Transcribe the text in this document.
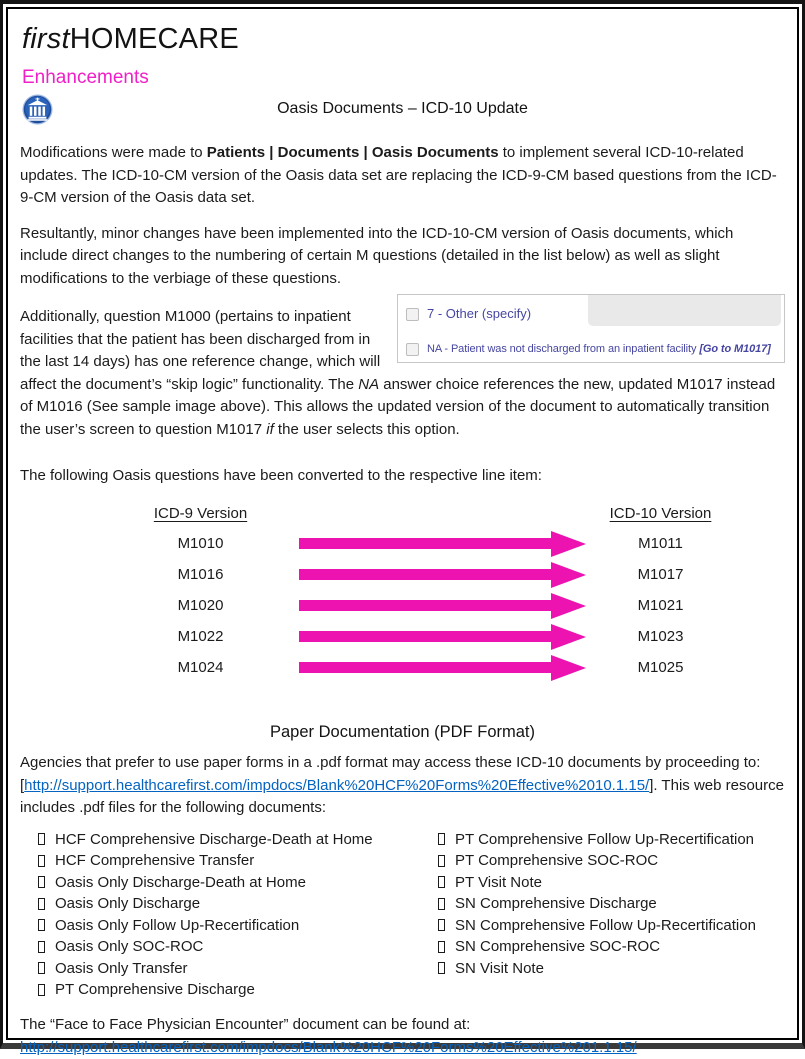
firstHOMECARE
Enhancements
Oasis Documents – ICD-10 Update
Modifications were made to Patients | Documents | Oasis Documents to implement several ICD-10-related updates. The ICD-10-CM version of the Oasis data set are replacing the ICD-9-CM based questions from the ICD-9-CM version of the Oasis data set.
Resultantly, minor changes have been implemented into the ICD-10-CM version of Oasis documents, which include direct changes to the numbering of certain M questions (detailed in the list below) as well as slight modifications to the verbiage of these questions.
7 - Other (specify)
NA - Patient was not discharged from an inpatient facility [Go to M1017]
Additionally, question M1000 (pertains to inpatient facilities that the patient has been discharged from in the last 14 days) has one reference change, which will affect the document’s “skip logic” functionality. The NA answer choice references the new, updated M1017 instead of M1016 (See sample image above). This allows the updated version of the document to automatically transition the user’s screen to question M1017 if the user selects this option.
The following Oasis questions have been converted to the respective line item:
ICD-9 Version	ICD-10 Version
M1010	M1011
M1016	M1017
M1020	M1021
M1022	M1023
M1024	M1025
Paper Documentation (PDF Format)
Agencies that prefer to use paper forms in a .pdf format may access these ICD-10 documents by proceeding to: [http://support.healthcarefirst.com/impdocs/Blank%20HCF%20Forms%20Effective%2010.1.15/]. This web resource includes .pdf files for the following documents:
HCF Comprehensive Discharge-Death at Home
HCF Comprehensive Transfer
Oasis Only Discharge-Death at Home
Oasis Only Discharge
Oasis Only Follow Up-Recertification
Oasis Only SOC-ROC
Oasis Only Transfer
PT Comprehensive Discharge
PT Comprehensive Follow Up-Recertification
PT Comprehensive SOC-ROC
PT Visit Note
SN Comprehensive Discharge
SN Comprehensive Follow Up-Recertification
SN Comprehensive SOC-ROC
SN Visit Note
The “Face to Face Physician Encounter” document can be found at:
http://support.healthcarefirst.com/impdocs/Blank%20HCF%20Forms%20Effective%201.1.15/
